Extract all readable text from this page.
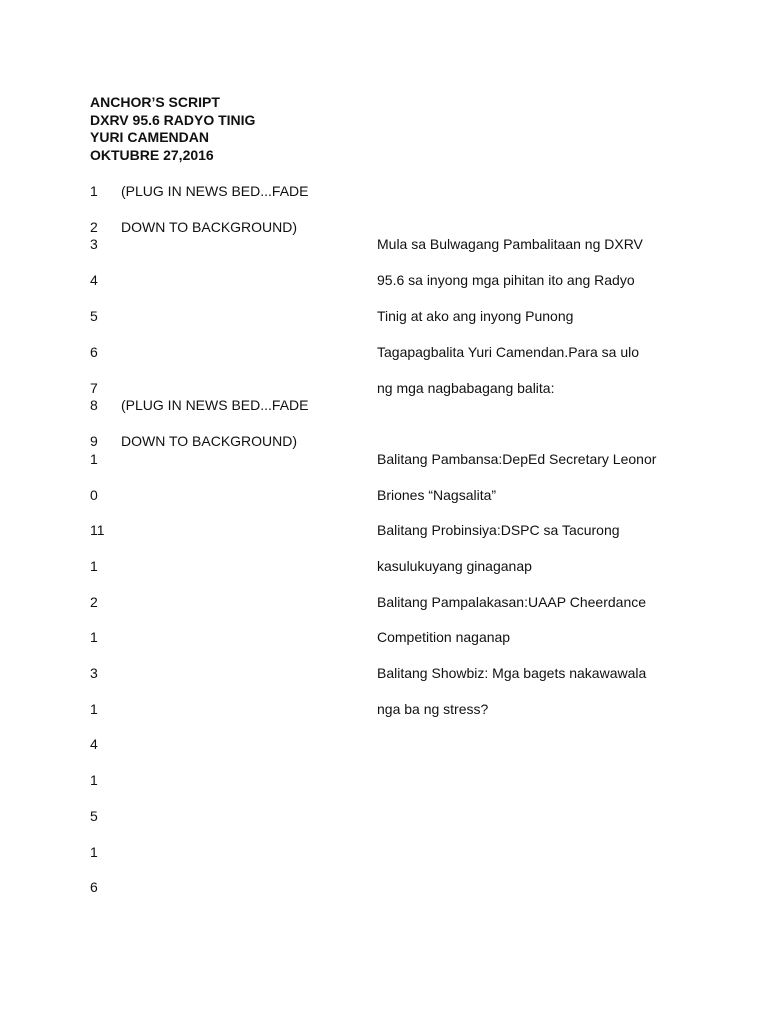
ANCHOR’S SCRIPT
DXRV 95.6 RADYO TINIG
YURI CAMENDAN
OKTUBRE 27,2016
1
2
3
4
5
6
7
8
9
1
0
11
1
2
1
3
1
4
1
5
1
6
(PLUG IN NEWS BED...FADE
DOWN TO BACKGROUND)
(PLUG IN NEWS BED...FADE
DOWN TO BACKGROUND)
Mula sa Bulwagang Pambalitaan ng DXRV
95.6 sa inyong mga pihitan ito ang Radyo
Tinig at ako ang inyong Punong
Tagapagbalita Yuri Camendan.Para sa ulo
ng mga nagbabagang balita:
Balitang Pambansa:DepEd Secretary Leonor
Briones “Nagsalita”
Balitang Probinsiya:DSPC sa Tacurong
kasulukuyang ginaganap
Balitang Pampalakasan:UAAP Cheerdance
Competition naganap
Balitang Showbiz: Mga bagets nakawawala
nga ba ng stress?
